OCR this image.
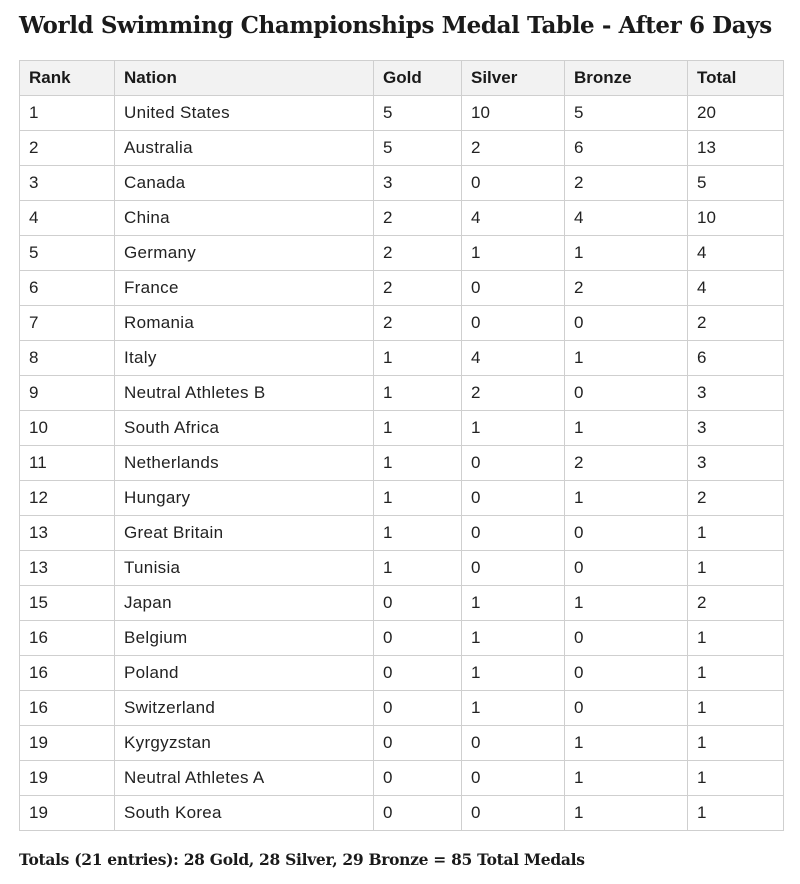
World Swimming Championships Medal Table - After 6 Days
Rank	Nation	Gold	Silver	Bronze	Total
1	United States	5	10	5	20
2	Australia	5	2	6	13
3	Canada	3	0	2	5
4	China	2	4	4	10
5	Germany	2	1	1	4
6	France	2	0	2	4
7	Romania	2	0	0	2
8	Italy	1	4	1	6
9	Neutral Athletes B	1	2	0	3
10	South Africa	1	1	1	3
11	Netherlands	1	0	2	3
12	Hungary	1	0	1	2
13	Great Britain	1	0	0	1
13	Tunisia	1	0	0	1
15	Japan	0	1	1	2
16	Belgium	0	1	0	1
16	Poland	0	1	0	1
16	Switzerland	0	1	0	1
19	Kyrgyzstan	0	0	1	1
19	Neutral Athletes A	0	0	1	1
19	South Korea	0	0	1	1
Totals (21 entries): 28 Gold, 28 Silver, 29 Bronze = 85 Total Medals
